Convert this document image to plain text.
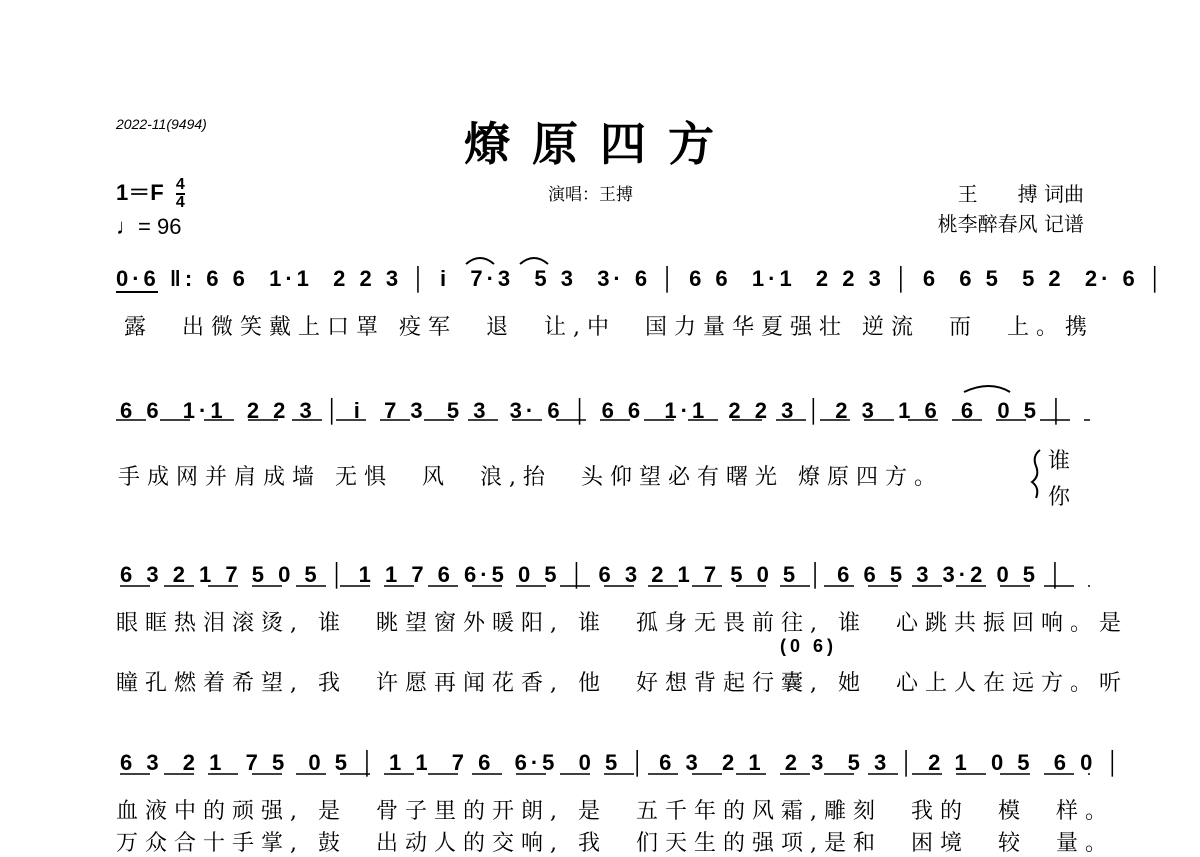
2022-11(9494)	燎原四方
演唱：王搏	王　　搏 词曲
桃李醉春风 记谱
$1=F \frac{4}{4}$
♩= 96
0·6 ‖: 6 6  1·1  2 2 3 │ i  7·3  5 3  3· 6 │ 6 6  1·1  2 2 3 │ 6  6 5  5 2  2· 6 │
露　出微笑戴上口罩 疫军　退　让,中　国力量华夏强壮 逆流　而　上。携
6 6  1·1  2 2 3 │ i  7 3  5 3  3· 6 │ 6 6  1·1  2 2 3 │ 2 3  1 6  6  0 5 │
手成网并肩成墙 无惧　风　浪,抬　头仰望必有曙光 燎原四方。
谁
你
6 3 2 1 7 5 0 5 │ 1 1 7 6 6·5 0 5 │ 6 3 2 1 7 5 0 5 │ 6 6 5 3 3·2 0 5 │
眼眶热泪滚烫, 谁　眺望窗外暖阳, 谁　孤身无畏前往, 谁　心跳共振回响。是
(0 6)
瞳孔燃着希望, 我　许愿再闻花香, 他　好想背起行囊, 她　心上人在远方。听
6 3  2 1  7 5  0 5 │ 1 1  7 6  6·5  0 5 │ 6 3  2 1  2 3  5 3 │ 2 1  0 5  6 0 │
血液中的顽强, 是　骨子里的开朗, 是　五千年的风霜,雕刻　我的　模　样。
万众合十手掌, 鼓　出动人的交响, 我　们天生的强项,是和　困境　较　量。
